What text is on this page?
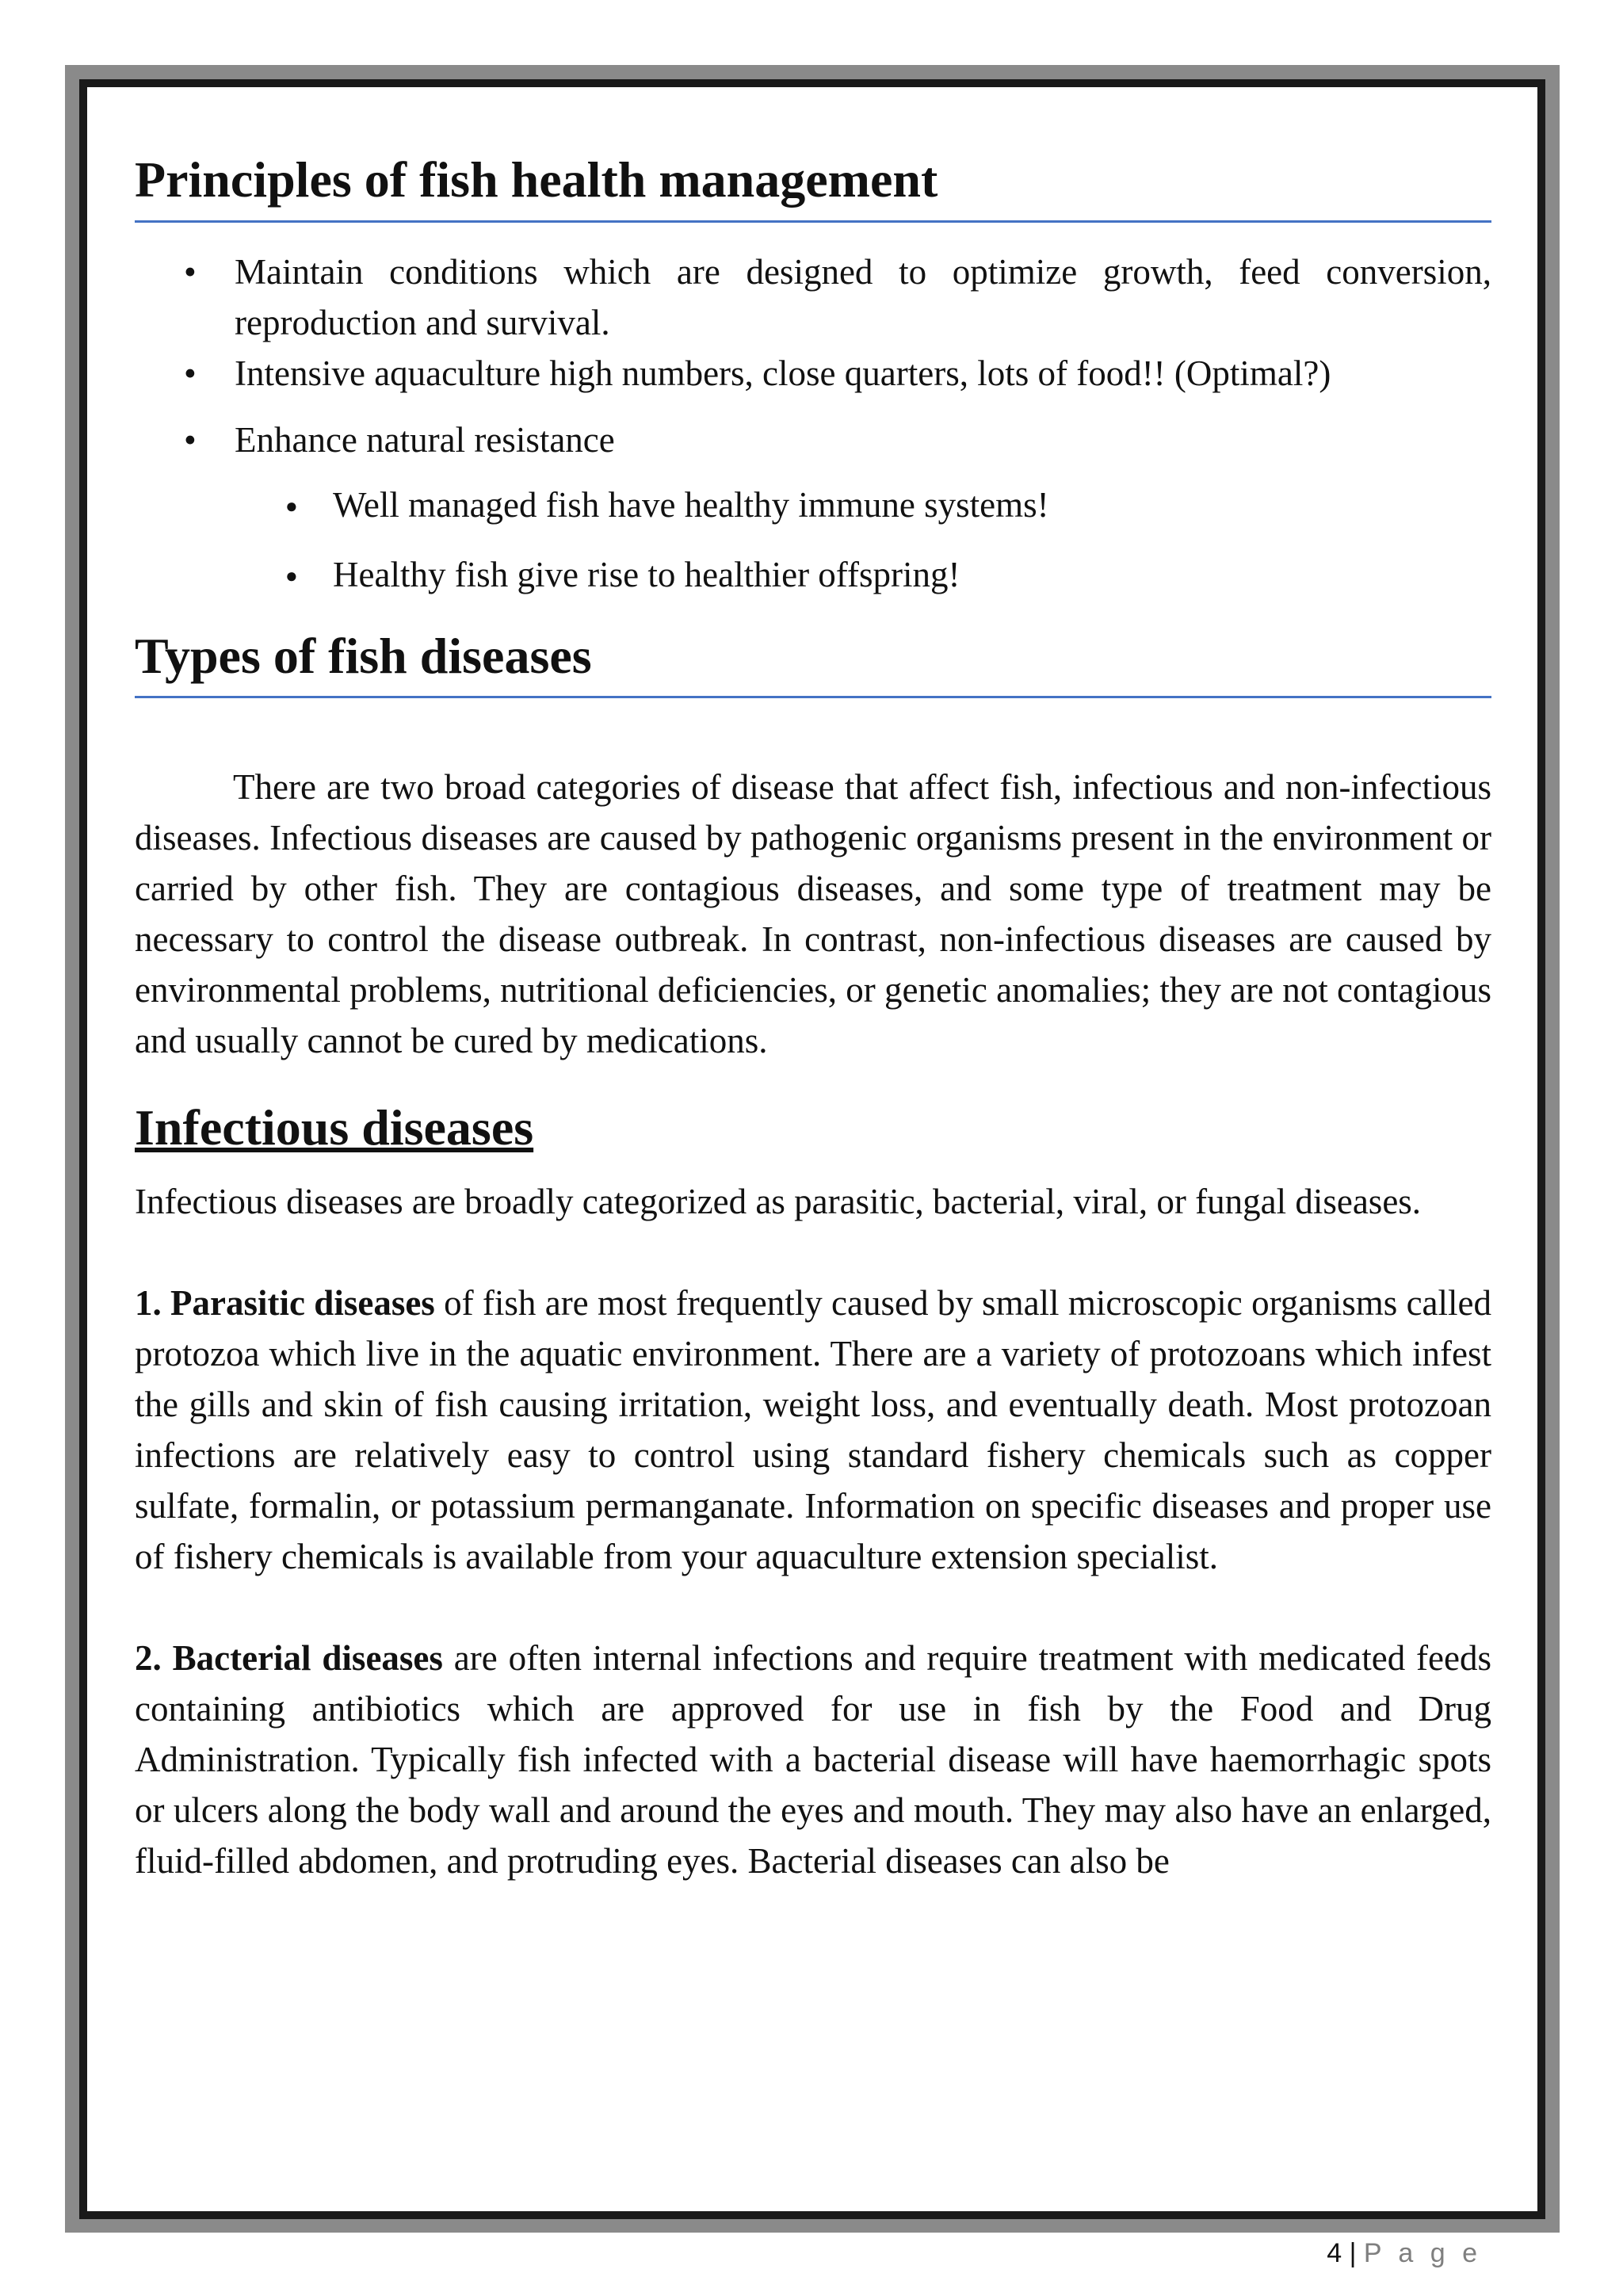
Principles of fish health management
• Maintain conditions which are designed to optimize growth, feed conversion, reproduction and survival.
• Intensive aquaculture high numbers, close quarters, lots of food!! (Optimal?)
• Enhance natural resistance
● Well managed fish have healthy immune systems!
● Healthy fish give rise to healthier offspring!
Types of fish diseases

There are two broad categories of disease that affect fish, infectious and non-infectious diseases. Infectious diseases are caused by pathogenic organisms present in the environment or carried by other fish. They are contagious diseases, and some type of treatment may be necessary to control the disease outbreak. In contrast, non-infectious diseases are caused by environmental problems, nutritional deficiencies, or genetic anomalies; they are not contagious and usually cannot be cured by medications.

Infectious diseases

Infectious diseases are broadly categorized as parasitic, bacterial, viral, or fungal diseases.

1. Parasitic diseases of fish are most frequently caused by small microscopic organisms called protozoa which live in the aquatic environment. There are a variety of protozoans which infest the gills and skin of fish causing irritation, weight loss, and eventually death. Most protozoan infections are relatively easy to control using standard fishery chemicals such as copper sulfate, formalin, or potassium permanganate. Information on specific diseases and proper use of fishery chemicals is available from your aquaculture extension specialist.

2. Bacterial diseases are often internal infections and require treatment with medicated feeds containing antibiotics which are approved for use in fish by the Food and Drug Administration. Typically fish infected with a bacterial disease will have haemorrhagic spots or ulcers along the body wall and around the eyes and mouth. They may also have an enlarged, fluid-filled abdomen, and protruding eyes. Bacterial diseases can also be

4 | P a g e
